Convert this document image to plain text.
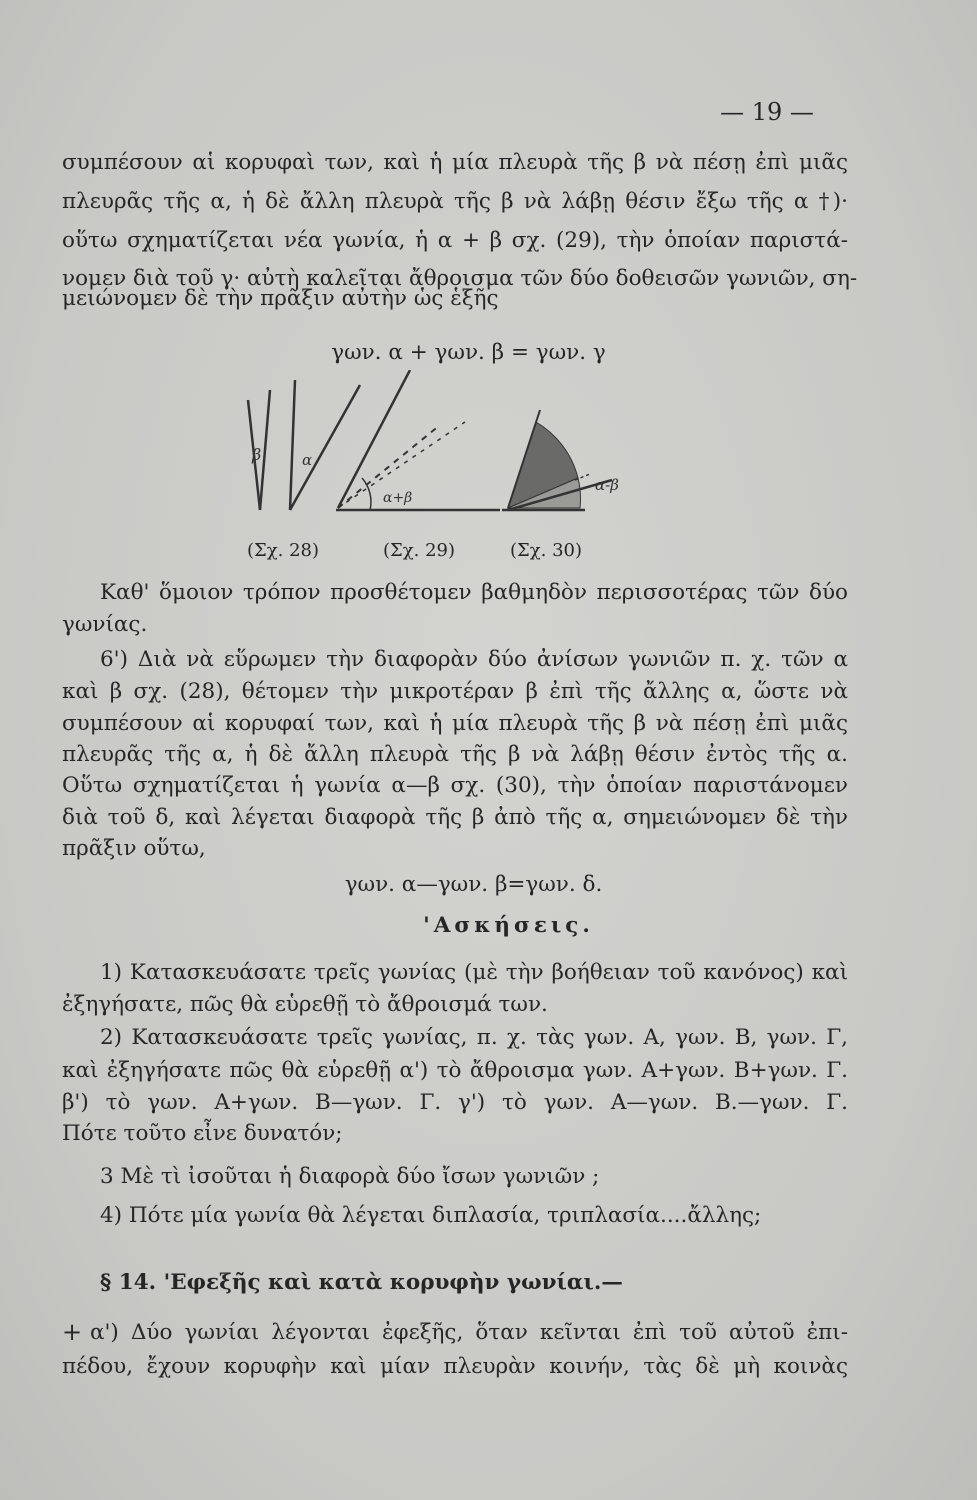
— 19 —
συμπέσουν αἱ κορυφαὶ των, καὶ ἡ μία πλευρὰ τῆς β νὰ πέσῃ ἐπὶ μιᾶς
πλευρᾶς τῆς α, ἡ δὲ ἄλλη πλευρὰ τῆς β νὰ λάβῃ θέσιν ἔξω τῆς α †)·
οὕτω σχηματίζεται νέα γωνία, ἡ α + β σχ. (29), τὴν ὁποίαν παριστά-
νομεν διὰ τοῦ γ· αὐτὴ καλεῖται ἄθροισμα τῶν δύο δοθεισῶν γωνιῶν, ση-
μειώνομεν δὲ τὴν πρᾶξιν αὐτὴν ὡς ἑξῆς
γων. α + γων. β = γων. γ
β	α
α+β
α-β
(Σχ. 28)	(Σχ. 29)	(Σχ. 30)
Καθ' ὅμοιον τρόπον προσθέτομεν βαθμηδὸν περισσοτέρας τῶν δύο
γωνίας.
6') Διὰ νὰ εὕρωμεν τὴν διαφορὰν δύο ἀνίσων γωνιῶν π. χ. τῶν α
καὶ β σχ. (28), θέτομεν τὴν μικροτέραν β ἐπὶ τῆς ἄλλης α, ὥστε νὰ
συμπέσουν αἱ κορυφαί των, καὶ ἡ μία πλευρὰ τῆς β νὰ πέσῃ ἐπὶ μιᾶς
πλευρᾶς τῆς α, ἡ δὲ ἄλλη πλευρὰ τῆς β νὰ λάβῃ θέσιν ἐντὸς τῆς α.
Οὕτω σχηματίζεται ἡ γωνία α—β σχ. (30), τὴν ὁποίαν παριστάνομεν
διὰ τοῦ δ, καὶ λέγεται διαφορὰ τῆς β ἀπὸ τῆς α, σημειώνομεν δὲ τὴν
πρᾶξιν οὕτω,
γων. α—γων. β=γων. δ.
'Ασκήσεις.
1) Κατασκευάσατε τρεῖς γωνίας (μὲ τὴν βοήθειαν τοῦ κανόνος) καὶ
ἐξηγήσατε, πῶς θὰ εὑρεθῇ τὸ ἄθροισμά των.
2) Κατασκευάσατε τρεῖς γωνίας, π. χ. τὰς γων. Α, γων. Β, γων. Γ,
καὶ ἐξηγήσατε πῶς θὰ εὑρεθῇ α') τὸ ἄθροισμα γων. Α+γων. Β+γων. Γ.
β') τὸ γων. Α+γων. Β—γων. Γ. γ') τὸ γων. Α—γων. Β.—γων. Γ.
Πότε τοῦτο εἶνε δυνατόν;
3 Μὲ τὶ ἰσοῦται ἡ διαφορὰ δύο ἴσων γωνιῶν ;
4) Πότε μία γωνία θὰ λέγεται διπλασία, τριπλασία....ἄλλης;
§ 14. 'Εφεξῆς καὶ κατὰ κορυφὴν γωνίαι.—
+ α') Δύο γωνίαι λέγονται ἐφεξῆς, ὅταν κεῖνται ἐπὶ τοῦ αὐτοῦ ἐπι-
πέδου, ἔχουν κορυφὴν καὶ μίαν πλευρὰν κοινήν, τὰς δὲ μὴ κοινὰς
